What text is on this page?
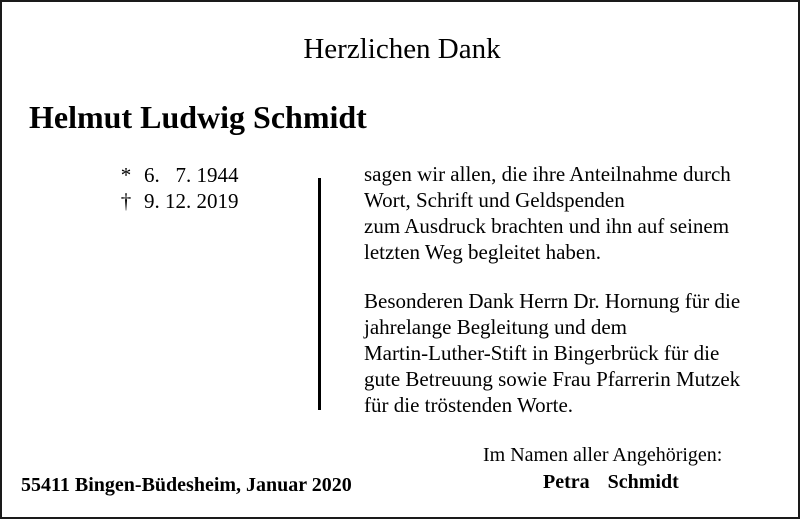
Herzlichen Dank
Helmut Ludwig Schmidt
* 6.   7. 1944
† 9. 12. 2019
sagen wir allen, die ihre Anteilnahme durch
Wort, Schrift und Geldspenden
zum Ausdruck brachten und ihn auf seinem
letzten Weg begleitet haben.
Besonderen Dank Herrn Dr. Hornung für die
jahrelange Begleitung und dem
Martin-Luther-Stift in Bingerbrück für die
gute Betreuung sowie Frau Pfarrerin Mutzek
für die tröstenden Worte.
Im Namen aller Angehörigen:
Petra  Schmidt
55411 Bingen-Büdesheim, Januar 2020
